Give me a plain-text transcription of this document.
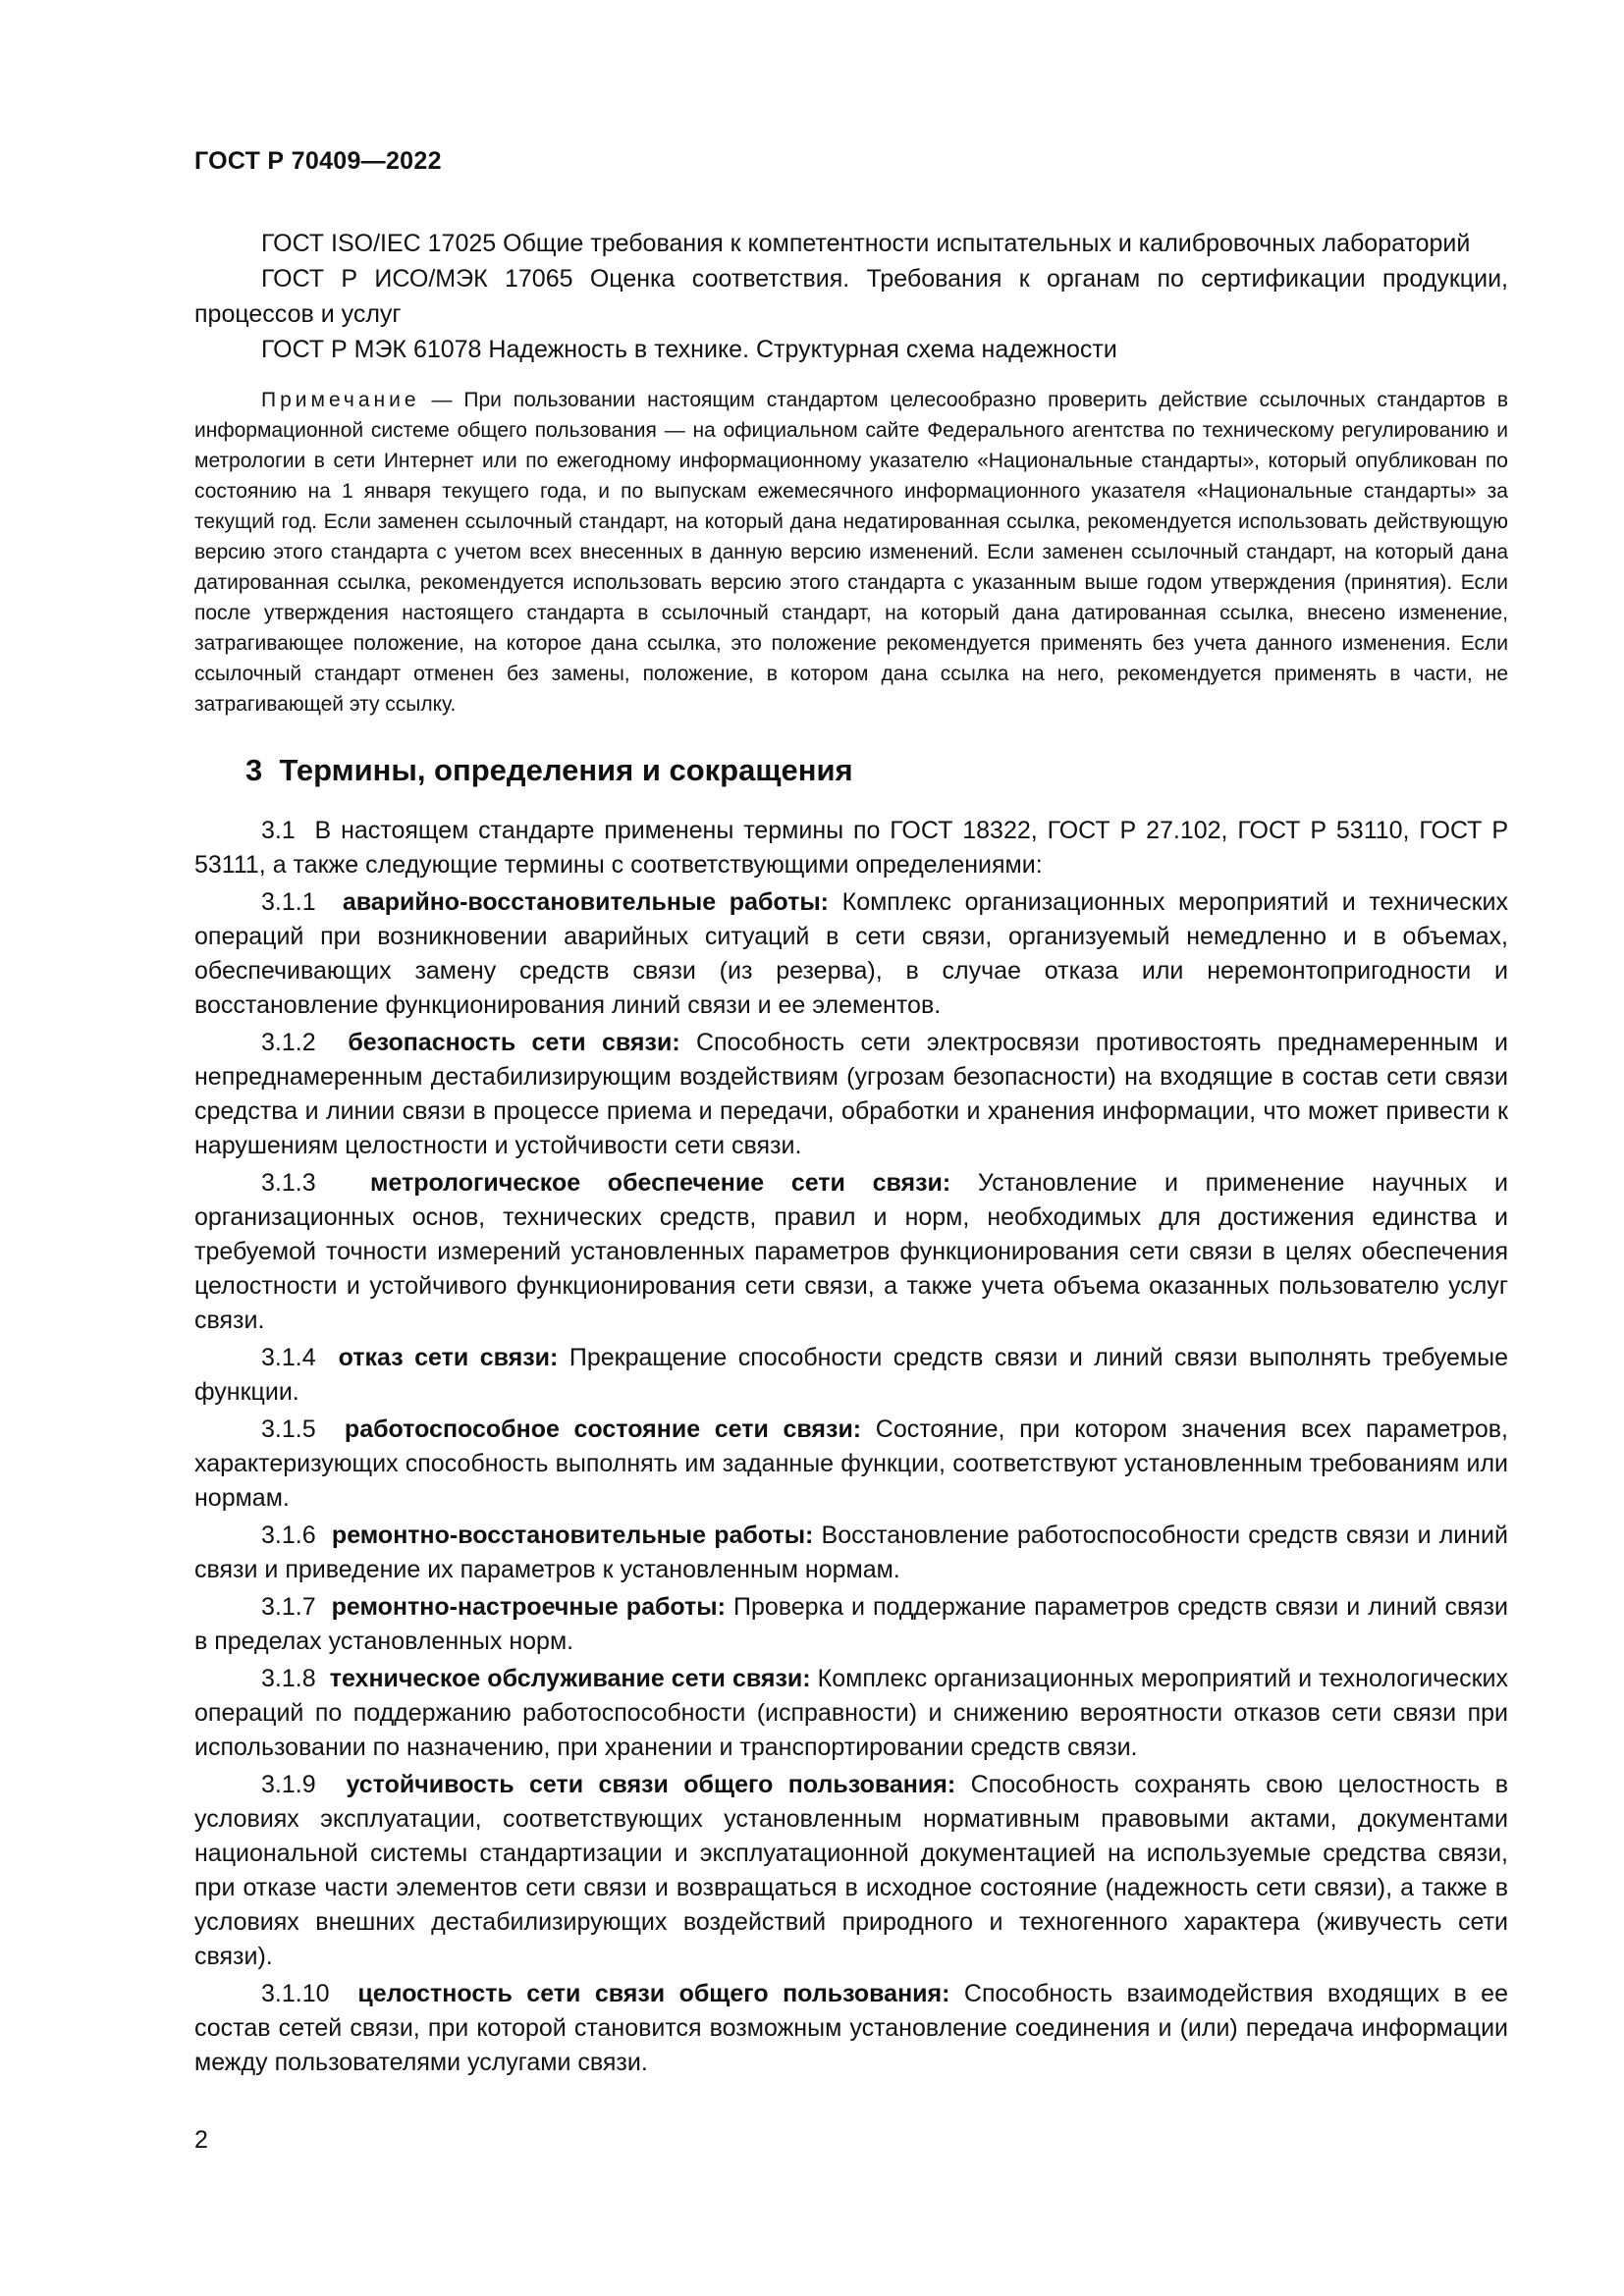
ГОСТ Р 70409—2022

ГОСТ ISO/IEC 17025 Общие требования к компетентности испытательных и калибровочных лабораторий

ГОСТ Р ИСО/МЭК 17065 Оценка соответствия. Требования к органам по сертификации продукции, процессов и услуг

ГОСТ Р МЭК 61078 Надежность в технике. Структурная схема надежности

Примечание — При пользовании настоящим стандартом целесообразно проверить действие ссылочных стандартов в информационной системе общего пользования — на официальном сайте Федерального агентства по техническому регулированию и метрологии в сети Интернет или по ежегодному информационному указателю «Национальные стандарты», который опубликован по состоянию на 1 января текущего года, и по выпускам ежемесячного информационного указателя «Национальные стандарты» за текущий год. Если заменен ссылочный стандарт, на который дана недатированная ссылка, рекомендуется использовать действующую версию этого стандарта с учетом всех внесенных в данную версию изменений. Если заменен ссылочный стандарт, на который дана датированная ссылка, рекомендуется использовать версию этого стандарта с указанным выше годом утверждения (принятия). Если после утверждения настоящего стандарта в ссылочный стандарт, на который дана датированная ссылка, внесено изменение, затрагивающее положение, на которое дана ссылка, это положение рекомендуется применять без учета данного изменения. Если ссылочный стандарт отменен без замены, положение, в котором дана ссылка на него, рекомендуется применять в части, не затрагивающей эту ссылку.

3 Термины, определения и сокращения

3.1 В настоящем стандарте применены термины по ГОСТ 18322, ГОСТ Р 27.102, ГОСТ Р 53110, ГОСТ Р 53111, а также следующие термины с соответствующими определениями:

3.1.1 аварийно-восстановительные работы: Комплекс организационных мероприятий и технических операций при возникновении аварийных ситуаций в сети связи, организуемый немедленно и в объемах, обеспечивающих замену средств связи (из резерва), в случае отказа или неремонтопригодности и восстановление функционирования линий связи и ее элементов.

3.1.2 безопасность сети связи: Способность сети электросвязи противостоять преднамеренным и непреднамеренным дестабилизирующим воздействиям (угрозам безопасности) на входящие в состав сети связи средства и линии связи в процессе приема и передачи, обработки и хранения информации, что может привести к нарушениям целостности и устойчивости сети связи.

3.1.3 метрологическое обеспечение сети связи: Установление и применение научных и организационных основ, технических средств, правил и норм, необходимых для достижения единства и требуемой точности измерений установленных параметров функционирования сети связи в целях обеспечения целостности и устойчивого функционирования сети связи, а также учета объема оказанных пользователю услуг связи.

3.1.4 отказ сети связи: Прекращение способности средств связи и линий связи выполнять требуемые функции.

3.1.5 работоспособное состояние сети связи: Состояние, при котором значения всех параметров, характеризующих способность выполнять им заданные функции, соответствуют установленным требованиям или нормам.

3.1.6 ремонтно-восстановительные работы: Восстановление работоспособности средств связи и линий связи и приведение их параметров к установленным нормам.

3.1.7 ремонтно-настроечные работы: Проверка и поддержание параметров средств связи и линий связи в пределах установленных норм.

3.1.8 техническое обслуживание сети связи: Комплекс организационных мероприятий и технологических операций по поддержанию работоспособности (исправности) и снижению вероятности отказов сети связи при использовании по назначению, при хранении и транспортировании средств связи.

3.1.9 устойчивость сети связи общего пользования: Способность сохранять свою целостность в условиях эксплуатации, соответствующих установленным нормативным правовыми актами, документами национальной системы стандартизации и эксплуатационной документацией на используемые средства связи, при отказе части элементов сети связи и возвращаться в исходное состояние (надежность сети связи), а также в условиях внешних дестабилизирующих воздействий природного и техногенного характера (живучесть сети связи).

3.1.10 целостность сети связи общего пользования: Способность взаимодействия входящих в ее состав сетей связи, при которой становится возможным установление соединения и (или) передача информации между пользователями услугами связи.

2
